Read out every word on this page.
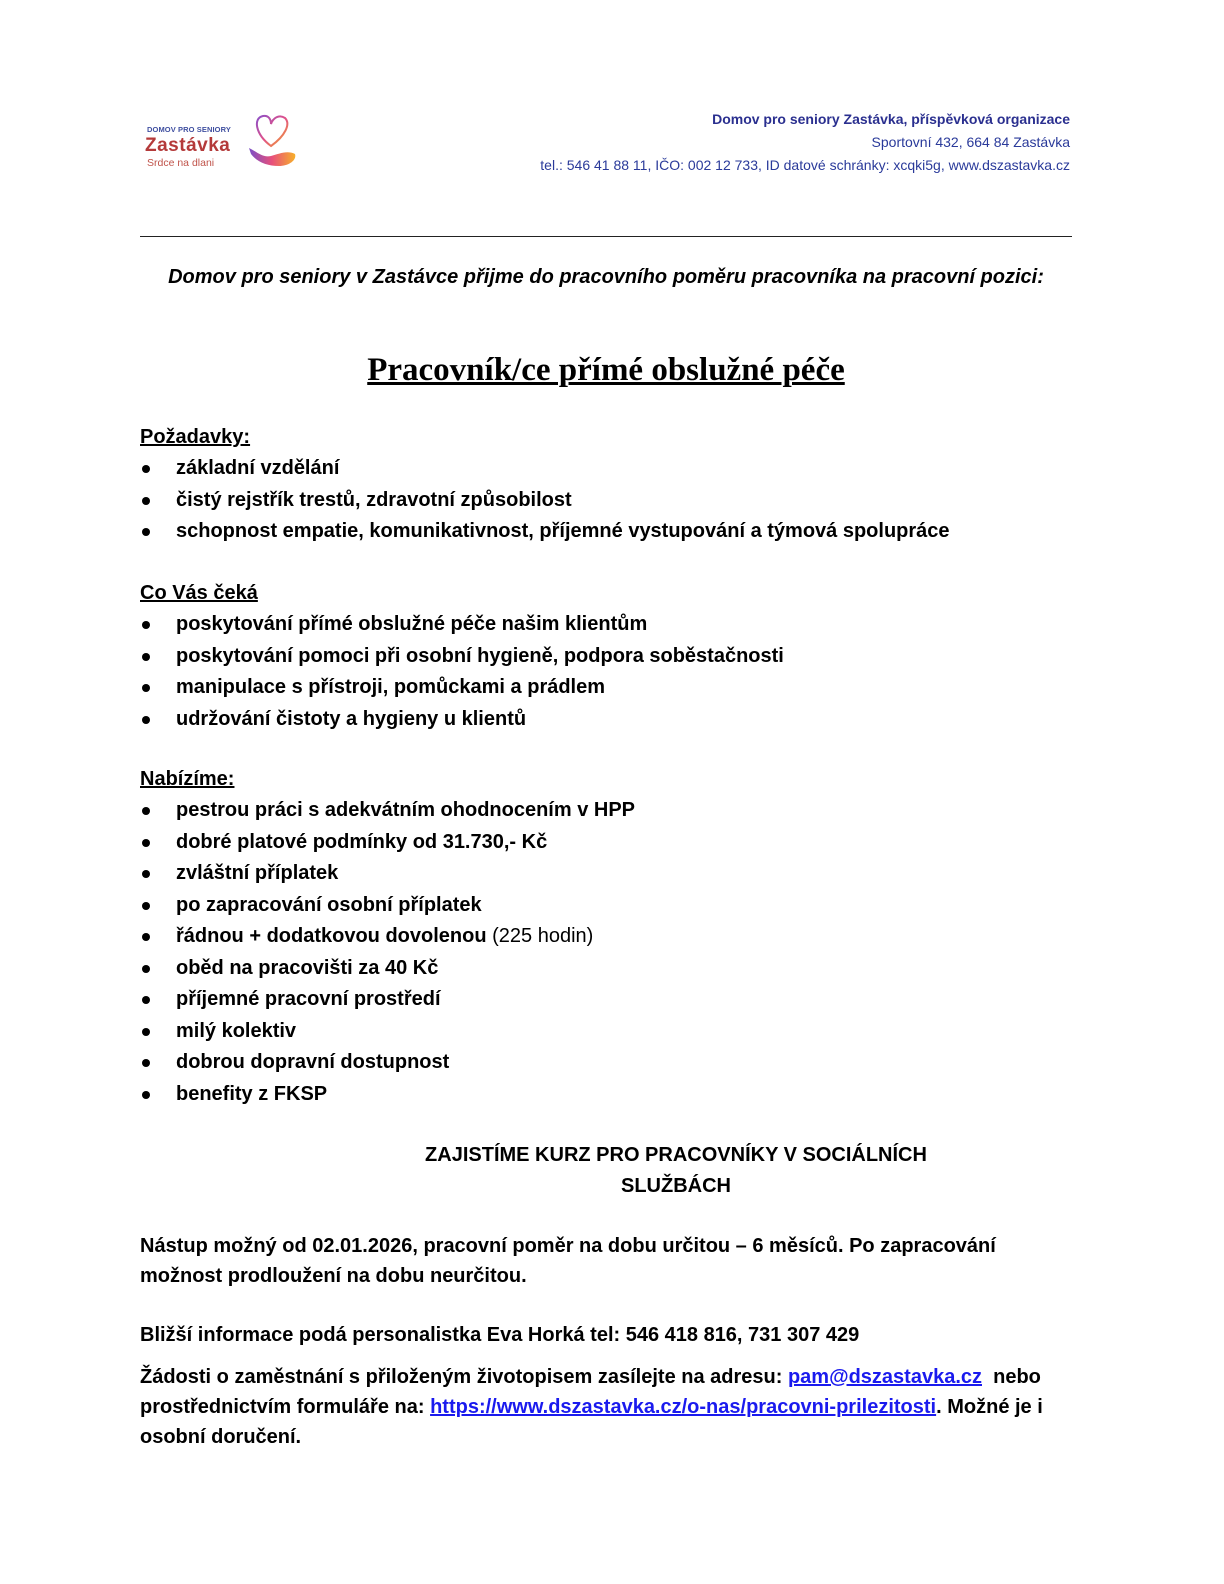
DOMOV PRO SENIORY
Zastávka
Srdce na dlani
Domov pro seniory Zastávka, příspěvková organizace
Sportovní 432, 664 84 Zastávka
tel.: 546 41 88 11, IČO: 002 12 733, ID datové schránky: xcqki5g, www.dszastavka.cz
Domov pro seniory v Zastávce přijme do pracovního poměru pracovníka na pracovní pozici:
Pracovník/ce přímé obslužné péče
Požadavky:
základní vzdělání
čistý rejstřík trestů, zdravotní způsobilost
schopnost empatie, komunikativnost, příjemné vystupování a týmová spolupráce
Co Vás čeká
poskytování přímé obslužné péče našim klientům
poskytování pomoci při osobní hygieně, podpora soběstačnosti
manipulace s přístroji, pomůckami a prádlem
udržování čistoty a hygieny u klientů
Nabízíme:
pestrou práci s adekvátním ohodnocením v HPP
dobré platové podmínky od 31.730,- Kč
zvláštní příplatek
po zapracování osobní příplatek
řádnou + dodatkovou dovolenou (225 hodin)
oběd na pracovišti za 40 Kč
příjemné pracovní prostředí
milý kolektiv
dobrou dopravní dostupnost
benefity z FKSP
ZAJISTÍME KURZ PRO PRACOVNÍKY V SOCIÁLNÍCH
SLUŽBÁCH
Nástup možný od 02.01.2026, pracovní poměr na dobu určitou – 6 měsíců. Po zapracování možnost prodloužení na dobu neurčitou.
Bližší informace podá personalistka Eva Horká tel: 546 418 816, 731 307 429
Žádosti o zaměstnání s přiloženým životopisem zasílejte na adresu: pam@dszastavka.cz  nebo prostřednictvím formuláře na: https://www.dszastavka.cz/o-nas/pracovni-prilezitosti. Možné je i osobní doručení.
